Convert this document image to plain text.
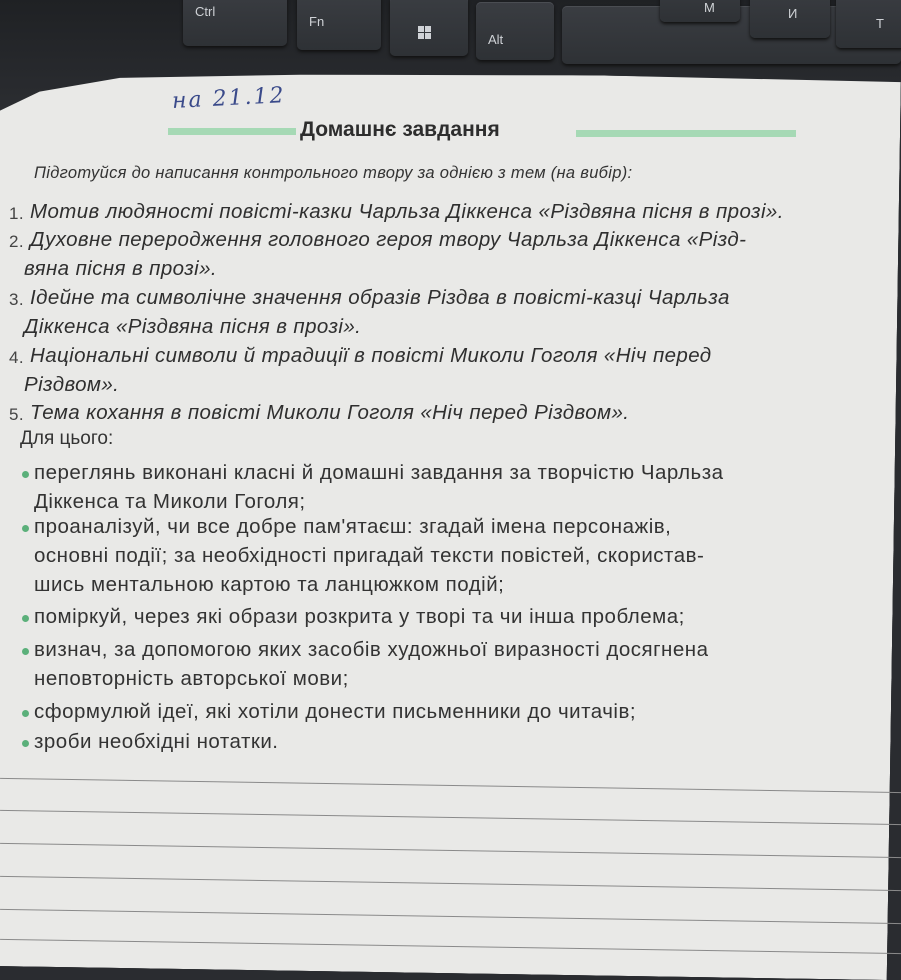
Ctrl
Fn
Alt
М	И
Т
на 21.12
Домашнє завдання
Підготуйся до написання контрольного твору за однією з тем (на вибір):
1. Мотив людяності повісті-казки Чарльза Діккенса «Різдвяна пісня в прозі».
2. Духовне переродження головного героя твору Чарльза Діккенса «Різд-
вяна пісня в прозі».
3. Ідейне та символічне значення образів Різдва в повісті-казці Чарльза
Діккенса «Різдвяна пісня в прозі».
4. Національні символи й традиції в повісті Миколи Гоголя «Ніч перед
Різдвом».
5. Тема кохання в повісті Миколи Гоголя «Ніч перед Різдвом».
Для цього:
переглянь виконані класні й домашні завдання за творчістю Чарльза
Діккенса та Миколи Гоголя;
проаналізуй, чи все добре пам'ятаєш: згадай імена персонажів,
основні події; за необхідності пригадай тексти повістей, скористав-
шись ментальною картою та ланцюжком подій;
поміркуй, через які образи розкрита у творі та чи інша проблема;
визнач, за допомогою яких засобів художньої виразності досягнена
неповторність авторської мови;
сформулюй ідеї, які хотіли донести письменники до читачів;
зроби необхідні нотатки.
